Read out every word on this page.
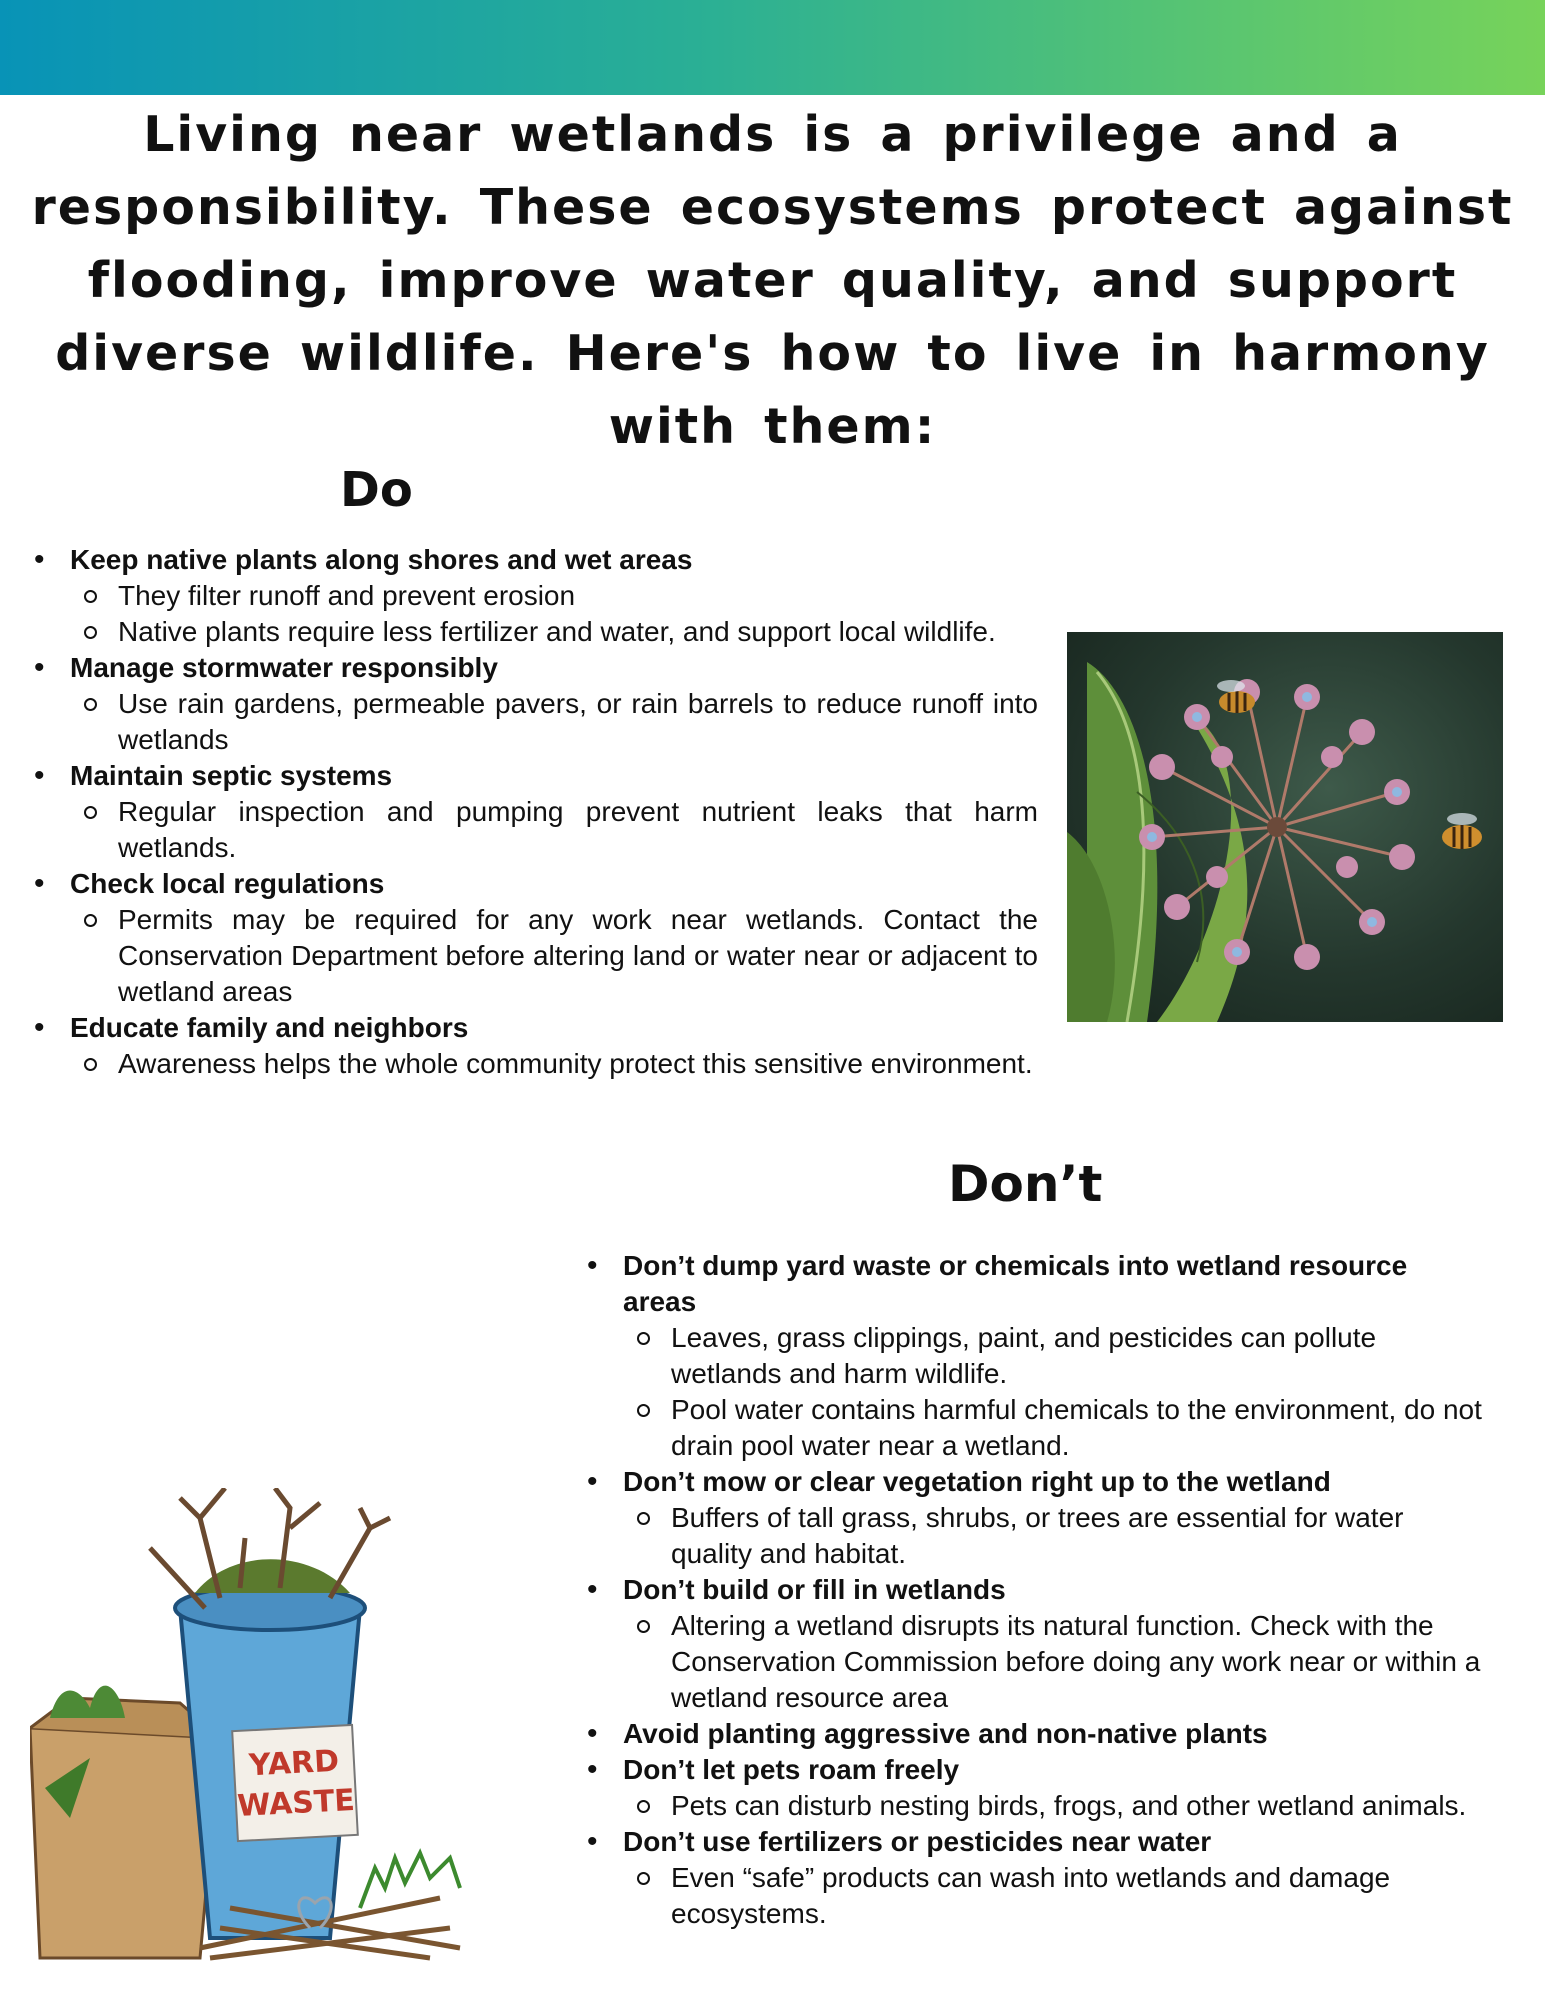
Living near wetlands is a privilege and a responsibility. These ecosystems protect against flooding, improve water quality, and support diverse wildlife. Here's how to live in harmony with them:

Do
• Keep native plants along shores and wet areas
They filter runoff and prevent erosion
Native plants require less fertilizer and water, and support local wildlife.
• Manage stormwater responsibly
Use rain gardens, permeable pavers, or rain barrels to reduce runoff into wetlands
• Maintain septic systems
Regular inspection and pumping prevent nutrient leaks that harm wetlands.
• Check local regulations
Permits may be required for any work near wetlands. Contact the Conservation Department before altering land or water near or adjacent to wetland areas
• Educate family and neighbors
Awareness helps the whole community protect this sensitive environment.
Don’t
• Don’t dump yard waste or chemicals into wetland resource areas
Leaves, grass clippings, paint, and pesticides can pollute wetlands and harm wildlife.
Pool water contains harmful chemicals to the environment, do not drain pool water near a wetland.
• Don’t mow or clear vegetation right up to the wetland
Buffers of tall grass, shrubs, or trees are essential for water quality and habitat.
• Don’t build or fill in wetlands
Altering a wetland disrupts its natural function. Check with the Conservation Commission before doing any work near or within a wetland resource area
• Avoid planting aggressive and non-native plants
• Don’t let pets roam freely
Pets can disturb nesting birds, frogs, and other wetland animals.
• Don’t use fertilizers or pesticides near water
Even “safe” products can wash into wetlands and damage ecosystems.
YARD
WASTE
